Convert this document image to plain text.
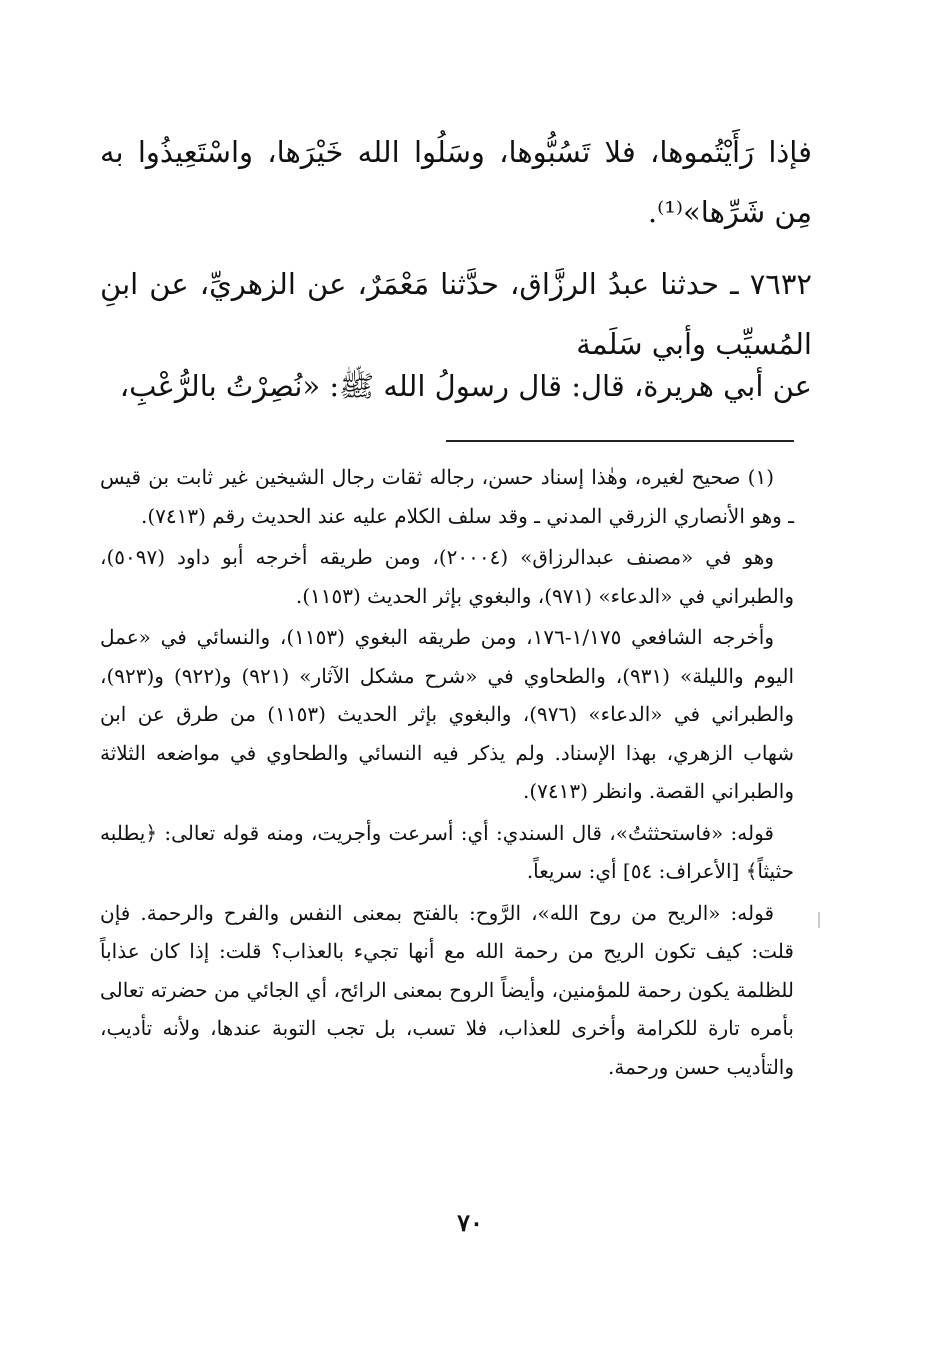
فإذا رَأَيْتُموها، فلا تَسُبُّوها، وسَلُوا الله خَيْرَها، واسْتَعِيذُوا به مِن شَرِّها»⁽¹⁾.

٧٦٣٢ ـ حدثنا عبدُ الرزَّاق، حدَّثنا مَعْمَرٌ، عن الزهريِّ، عن ابنِ المُسيِّب وأبي سَلَمة

عن أبي هريرة، قال: قال رسولُ الله ﷺ: «نُصِرْتُ بالرُّعْبِ،

(١) صحيح لغيره، وهٰذا إسناد حسن، رجاله ثقات رجال الشيخين غير ثابت بن قيس ـ وهو الأنصاري الزرقي المدني ـ وقد سلف الكلام عليه عند الحديث رقم (٧٤١٣).

وهو في «مصنف عبدالرزاق» (٢٠٠٠٤)، ومن طريقه أخرجه أبو داود (٥٠٩٧)، والطبراني في «الدعاء» (٩٧١)، والبغوي بإثر الحديث (١١٥٣).

وأخرجه الشافعي ١/١٧٥-١٧٦، ومن طريقه البغوي (١١٥٣)، والنسائي في «عمل اليوم والليلة» (٩٣١)، والطحاوي في «شرح مشكل الآثار» (٩٢١) و(٩٢٢) و(٩٢٣)، والطبراني في «الدعاء» (٩٧٦)، والبغوي بإثر الحديث (١١٥٣) من طرق عن ابن شهاب الزهري، بهذا الإسناد. ولم يذكر فيه النسائي والطحاوي في مواضعه الثلاثة والطبراني القصة. وانظر (٧٤١٣).

قوله: «فاستحثثتُ»، قال السندي: أي: أسرعت وأجريت، ومنه قوله تعالى: ﴿يطلبه حثيثاً﴾ [الأعراف: ٥٤] أي: سريعاً.

قوله: «الريح من روح الله»، الرَّوح: بالفتح بمعنى النفس والفرح والرحمة. فإن قلت: كيف تكون الريح من رحمة الله مع أنها تجيء بالعذاب؟ قلت: إذا كان عذاباً للظلمة يكون رحمة للمؤمنين، وأيضاً الروح بمعنى الرائح، أي الجائي من حضرته تعالى بأمره تارة للكرامة وأخرى للعذاب، فلا تسب، بل تجب التوبة عندها، ولأنه تأديب، والتأديب حسن ورحمة.

٧٠
